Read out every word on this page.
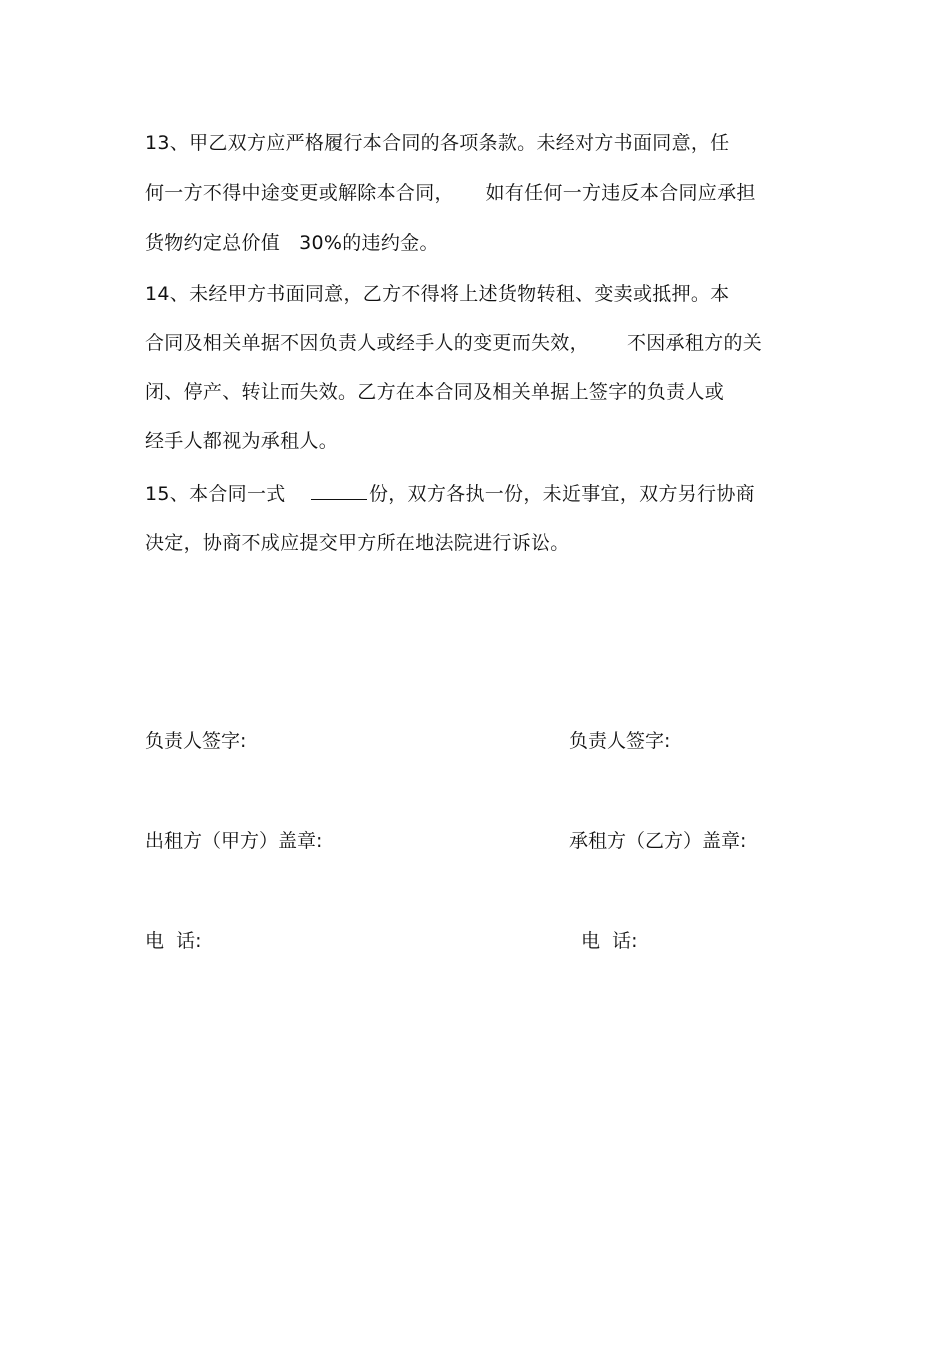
13、甲乙双方应严格履行本合同的各项条款。未经对方书面同意，任
何一方不得中途变更或解除本合同，     如有任何一方违反本合同应承担
货物约定总价值   30%的违约金。
14、未经甲方书面同意，乙方不得将上述货物转租、变卖或抵押。本
合同及相关单据不因负责人或经手人的变更而失效，      不因承租方的关
闭、停产、转让而失效。乙方在本合同及相关单据上签字的负责人或
经手人都视为承租人。
15、本合同一式	份，双方各执一份，未近事宜，双方另行协商
决定，协商不成应提交甲方所在地法院进行诉讼。
负责人签字:
出租方（甲方）盖章:
电  话:
负责人签字:
承租方（乙方）盖章:
电  话:
